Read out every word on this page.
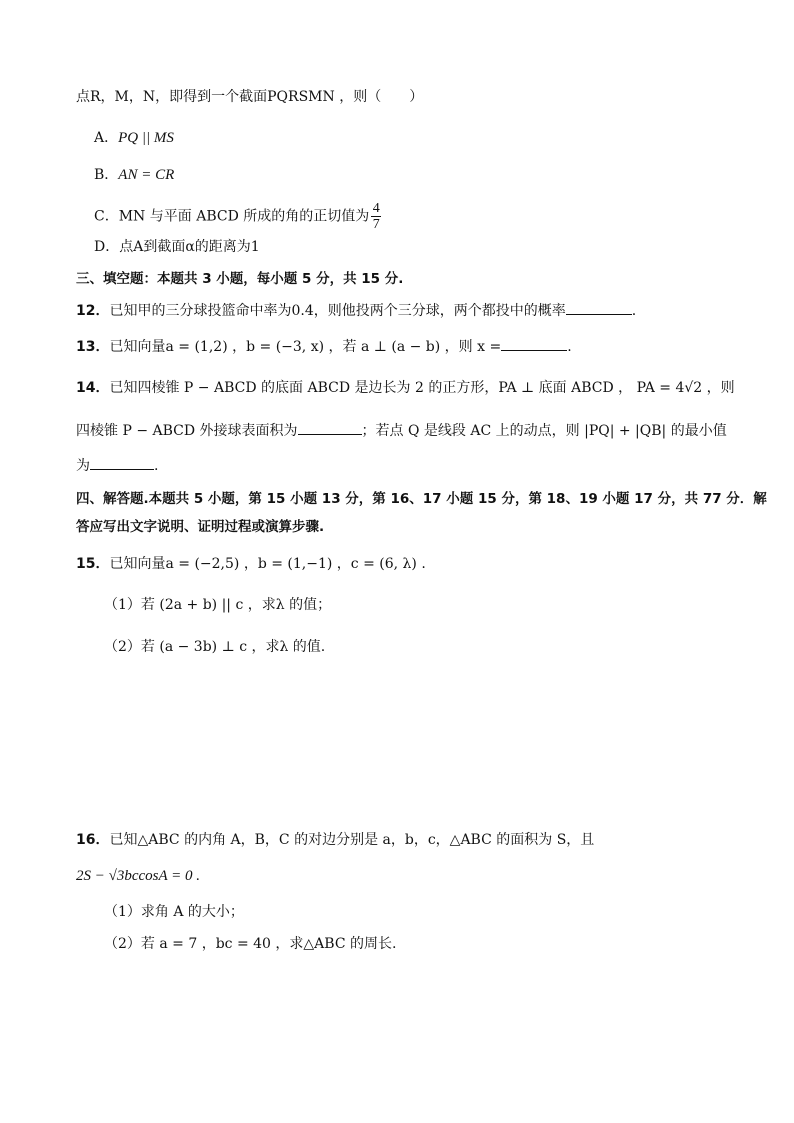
点R，M，N，即得到一个截面PQRSMN ，则（　　）
A．PQ || MS
B．AN = CR
C．MN 与平面 ABCD 所成的角的正切值为 $\frac{4}{7}$
D．点A到截面α的距离为1
三、填空题：本题共 3 小题，每小题 5 分，共 15 分.
12．已知甲的三分球投篮命中率为0.4，则他投两个三分球，两个都投中的概率	.
13．已知向量a = (1,2) ，b = (−3, x) ，若 a ⊥ (a − b) ，则 x =	.
14．已知四棱锥 P − ABCD 的底面 ABCD 是边长为 2 的正方形，PA ⊥ 底面 ABCD ， PA = 4√2 ，则
四棱锥 P − ABCD 外接球表面积为	；若点 Q 是线段 AC 上的动点，则 |PQ| + |QB| 的最小值
为	.
四、解答题.本题共 5 小题，第 15 小题 13 分，第 16、17 小题 15 分，第 18、19 小题 17 分，共 77 分．解
答应写出文字说明、证明过程或演算步骤.
15．已知向量a = (−2,5) ，b = (1,−1) ，c = (6, λ) .
（1）若 (2a + b) || c ，求λ 的值；
（2）若 (a − 3b) ⊥ c ，求λ 的值.
16．已知△ABC 的内角 A，B，C 的对边分别是 a，b，c，△ABC 的面积为 S，且
2S − √3bccosA = 0 .
（1）求角 A 的大小；
（2）若 a = 7 ，bc = 40 ，求△ABC 的周长.
